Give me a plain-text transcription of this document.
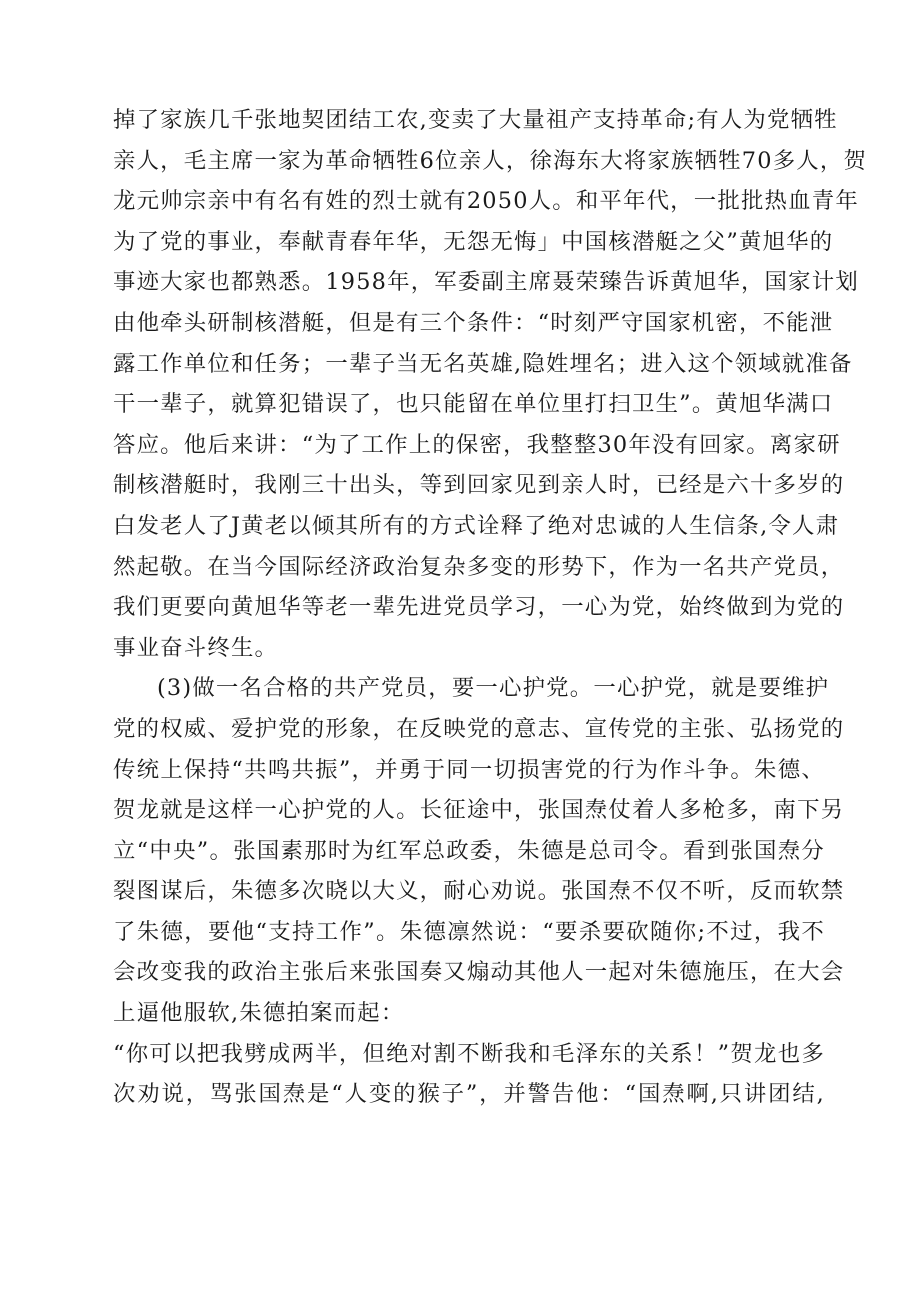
掉了家族几千张地契团结工农,变卖了大量祖产支持革命;有人为党牺牲
亲人，毛主席一家为革命牺牲6位亲人，徐海东大将家族牺牲70多人，贺
龙元帅宗亲中有名有姓的烈士就有2050人。和平年代，一批批热血青年
为了党的事业，奉献青春年华，无怨无悔」中国核潜艇之父”黄旭华的
事迹大家也都熟悉。1958年，军委副主席聂荣臻告诉黄旭华，国家计划
由他牵头研制核潜艇，但是有三个条件：“时刻严守国家机密，不能泄
露工作单位和任务；一辈子当无名英雄,隐姓埋名；进入这个领域就准备
干一辈子，就算犯错误了，也只能留在单位里打扫卫生”。黄旭华满口
答应。他后来讲：“为了工作上的保密，我整整30年没有回家。离家研
制核潜艇时，我刚三十出头，等到回家见到亲人时，已经是六十多岁的
白发老人了J黄老以倾其所有的方式诠释了绝对忠诚的人生信条,令人肃
然起敬。在当今国际经济政治复杂多变的形势下，作为一名共产党员，
我们更要向黄旭华等老一辈先进党员学习，一心为党，始终做到为党的
事业奋斗终生。
(3)做一名合格的共产党员，要一心护党。一心护党，就是要维护
党的权威、爱护党的形象，在反映党的意志、宣传党的主张、弘扬党的
传统上保持“共鸣共振”，并勇于同一切损害党的行为作斗争。朱德、
贺龙就是这样一心护党的人。长征途中，张国焘仗着人多枪多，南下另
立“中央”。张国素那时为红军总政委，朱德是总司令。看到张国焘分
裂图谋后，朱德多次晓以大义，耐心劝说。张国焘不仅不听，反而软禁
了朱德，要他“支持工作”。朱德凛然说：“要杀要砍随你;不过，我不
会改变我的政治主张后来张国奏又煽动其他人一起对朱德施压，在大会
上逼他服软,朱德拍案而起：
“你可以把我劈成两半，但绝对割不断我和毛泽东的关系！”贺龙也多
次劝说，骂张国焘是“人变的猴子”，并警告他：“国焘啊,只讲团结,
